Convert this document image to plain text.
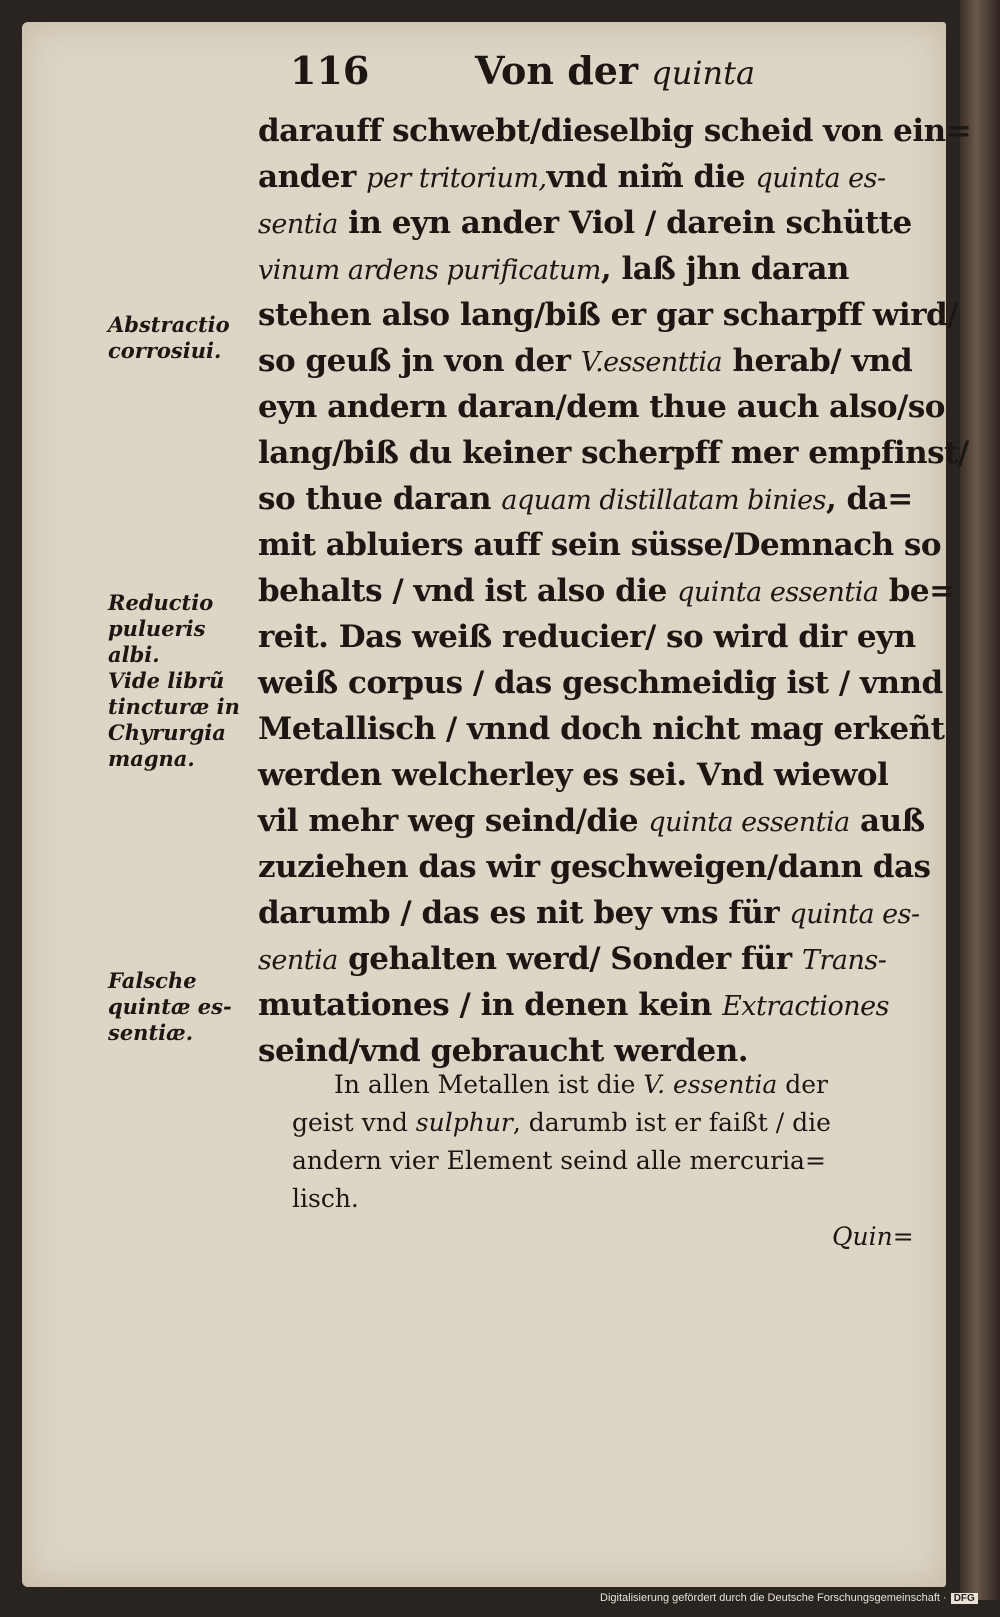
116	Von der quinta
darauff schwebt/dieselbig scheid von ein=
ander per tritorium,vnd nim̃ die quinta es-
sentia in eyn ander Viol / darein schütte
vinum ardens purificatum, laß jhn daran
stehen also lang/biß er gar scharpff wird/
so geuß jn von der V.essenttia herab/ vnd
eyn andern daran/dem thue auch also/so
lang/biß du keiner scherpff mer empfinst/
so thue daran aquam distillatam binies, da=
mit abluiers auff sein süsse/Demnach so
behalts / vnd ist also die quinta essentia be=
reit. Das weiß reducier/ so wird dir eyn
weiß corpus / das geschmeidig ist / vnnd
Metallisch / vnnd doch nicht mag erkeñt
werden welcherley es sei. Vnd wiewol
vil mehr weg seind/die quinta essentia auß
zuziehen das wir geschweigen/dann das
darumb / das es nit bey vns für quinta es-
sentia gehalten werd/ Sonder für Trans-
mutationes / in denen kein Extractiones
seind/vnd gebraucht werden.
In allen Metallen ist die V. essentia der
geist vnd sulphur, darumb ist er faißt / die
andern vier Element seind alle mercuria=
lisch.
Quin=
Abstractio
corrosiui.
Reductio
pulueris
albi.
Vide librũ
tincturæ in
Chyrurgia
magna.
Falsche
quintæ es-
sentiæ.
Digitalisierung gefördert durch die Deutsche Forschungsgemeinschaft · DFG
